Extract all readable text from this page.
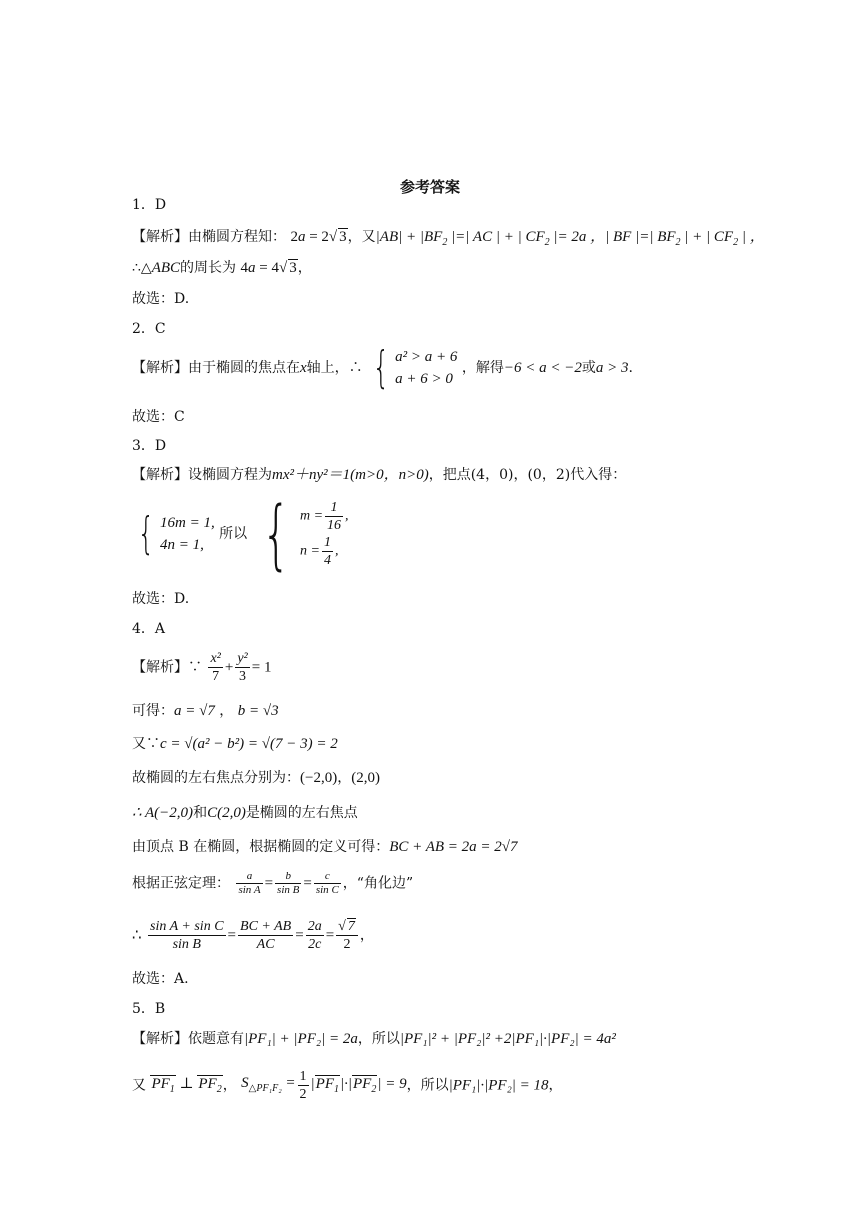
参考答案
1．D
【解析】由椭圆方程知： 2a = 2√ 3，又$|AB| + |BF_2$ |=| AC | + | $CF_2$ |= 2a ，| BF |=| $BF_2$ | + | $CF_2$ | ，
∴△ABC的周长为 4a = 4√ 3，
故选：D.
2．C
【解析】由于椭圆的焦点在x轴上，∴ { a² > a + 6
a + 6 > 0
，解得−6 < a < −2或a > 3.
故选：C
3．D
【解析】设椭圆方程为mx²＋ny²＝1(m>0，n>0)，把点(4，0)，(0，2)代入得：
{ 16m = 1,
4n = 1,
所以 { $m = \frac{1}{16}$ ,
$n = \frac{1}{4}$ ,
故选：D.
4．A
【解析】∵ $\frac{\text{x²}}{7} + \frac{\text{y²}}{3} = 1$
可得：a = √7 ， b = √3
又∵c = √(a² − b²) = √(7 − 3) = 2
故椭圆的左右焦点分别为：(−2,0)，(2,0)
∴ A(−2,0)和C(2,0)是椭圆的左右焦点
由顶点 B 在椭圆，根据椭圆的定义可得：BC + AB = 2a = 2√7
根据正弦定理： $\frac{a}{\text{sin A}} = \frac{b}{\text{sin B}} = \frac{c}{\text{sin C}}$ ，“角化边”
∴ $\frac{\text{sin A + sin C}}{\text{sin B}} = \frac{BC + AB}{AC} = \frac{2a}{2c} = \frac{√ 7}{2}$ ，
故选：A.
5．B
【解析】依题意有|PF₁| + |PF₂| = 2a，所以|PF₁|² + |PF₂|² +2|PF₁|·|PF₂| = 4a²
又 $PF_1$ ⊥ $PF_2$， $S_{\triangle PF_1F_2} = \frac{1}{2} |PF_1|\cdot|PF_2| = 9$，所以|PF₁|·|PF₂| = 18，
